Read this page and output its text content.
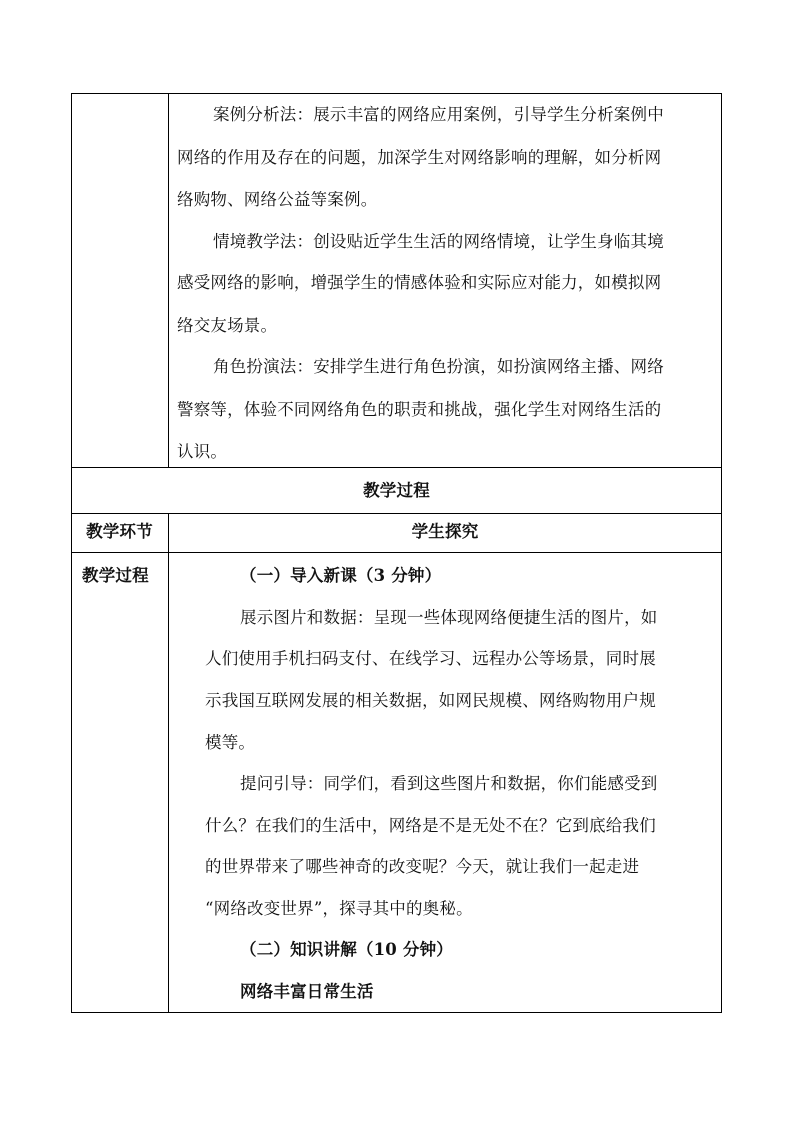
案例分析法：展示丰富的网络应用案例，引导学生分析案例中
网络的作用及存在的问题，加深学生对网络影响的理解，如分析网
络购物、网络公益等案例。
情境教学法：创设贴近学生生活的网络情境，让学生身临其境
感受网络的影响，增强学生的情感体验和实际应对能力，如模拟网
络交友场景。
角色扮演法：安排学生进行角色扮演，如扮演网络主播、网络
警察等，体验不同网络角色的职责和挑战，强化学生对网络生活的
认识。
教学过程
教学环节	学生探究
教学过程	（一）导入新课（3 分钟）
展示图片和数据：呈现一些体现网络便捷生活的图片，如
人们使用手机扫码支付、在线学习、远程办公等场景，同时展
示我国互联网发展的相关数据，如网民规模、网络购物用户规
模等。
提问引导：同学们，看到这些图片和数据，你们能感受到
什么？在我们的生活中，网络是不是无处不在？它到底给我们
的世界带来了哪些神奇的改变呢？今天，就让我们一起走进
“网络改变世界”，探寻其中的奥秘。
（二）知识讲解（10 分钟）
网络丰富日常生活
